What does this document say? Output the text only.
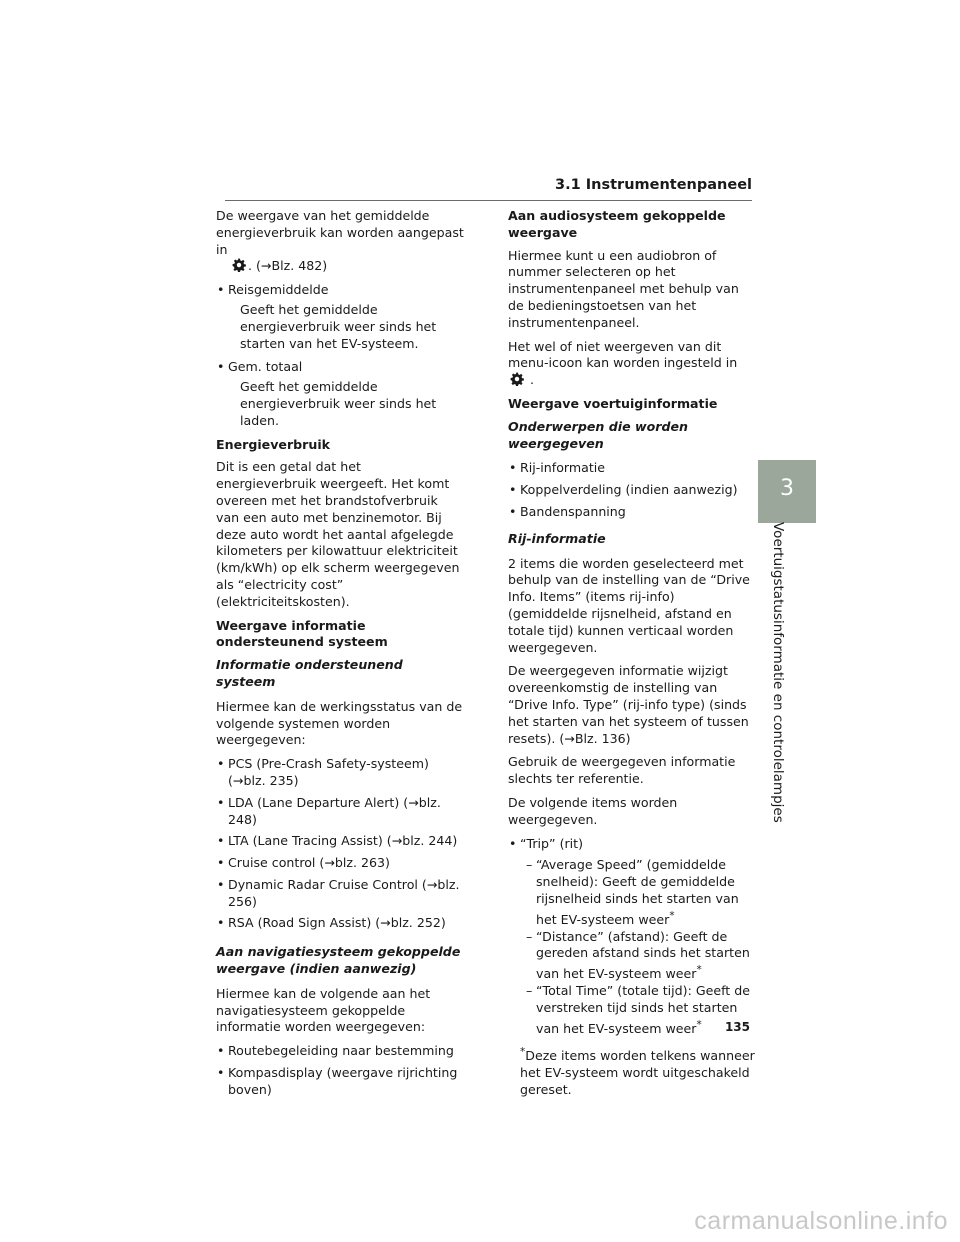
3.1 Instrumentenpaneel

De weergave van het gemiddelde energieverbruik kan worden aangepast in
. (→Blz. 482)

• Reisgemiddelde
Geeft het gemiddelde energieverbruik weer sinds het starten van het EV-systeem.
• Gem. totaal
Geeft het gemiddelde energieverbruik weer sinds het laden.

Energieverbruik

Dit is een getal dat het energieverbruik weergeeft. Het komt overeen met het brandstofverbruik van een auto met benzinemotor. Bij deze auto wordt het aantal afgelegde kilometers per kilowattuur elektriciteit (km/kWh) op elk scherm weergegeven als “electricity cost” (elektriciteitskosten).

Weergave informatie ondersteunend systeem

Informatie ondersteunend systeem

Hiermee kan de werkingsstatus van de volgende systemen worden weergegeven:

• PCS (Pre-Crash Safety-systeem) (→blz. 235)
• LDA (Lane Departure Alert) (→blz. 248)
• LTA (Lane Tracing Assist) (→blz. 244)
• Cruise control (→blz. 263)
• Dynamic Radar Cruise Control (→blz. 256)
• RSA (Road Sign Assist) (→blz. 252)

Aan navigatiesysteem gekoppelde weergave (indien aanwezig)

Hiermee kan de volgende aan het navigatiesysteem gekoppelde informatie worden weergegeven:

• Routebegeleiding naar bestemming
• Kompasdisplay (weergave rijrichting boven)

Aan audiosysteem gekoppelde weergave

Hiermee kunt u een audiobron of nummer selecteren op het instrumentenpaneel met behulp van de bedieningstoetsen van het instrumentenpaneel.

Het wel of niet weergeven van dit menu-icoon kan worden ingesteld in
.

Weergave voertuiginformatie

Onderwerpen die worden weergegeven

• Rij-informatie
• Koppelverdeling (indien aanwezig)
• Bandenspanning

Rij-informatie

2 items die worden geselecteerd met behulp van de instelling van de “Drive Info. Items” (items rij-info) (gemiddelde rijsnelheid, afstand en totale tijd) kunnen verticaal worden weergegeven.

De weergegeven informatie wijzigt overeenkomstig de instelling van “Drive Info. Type” (rij-info type) (sinds het starten van het systeem of tussen resets). (→Blz. 136)

Gebruik de weergegeven informatie slechts ter referentie.

De volgende items worden weergegeven.

• “Trip” (rit)
– “Average Speed” (gemiddelde snelheid): Geeft de gemiddelde rijsnelheid sinds het starten van het EV-systeem weer*
– “Distance” (afstand): Geeft de gereden afstand sinds het starten van het EV-systeem weer*
– “Total Time” (totale tijd): Geeft de verstreken tijd sinds het starten van het EV-systeem weer*
*Deze items worden telkens wanneer het EV-systeem wordt uitgeschakeld gereset.
3
Voertuigstatusinformatie en controlelampjes
135
carmanualsonline.info
